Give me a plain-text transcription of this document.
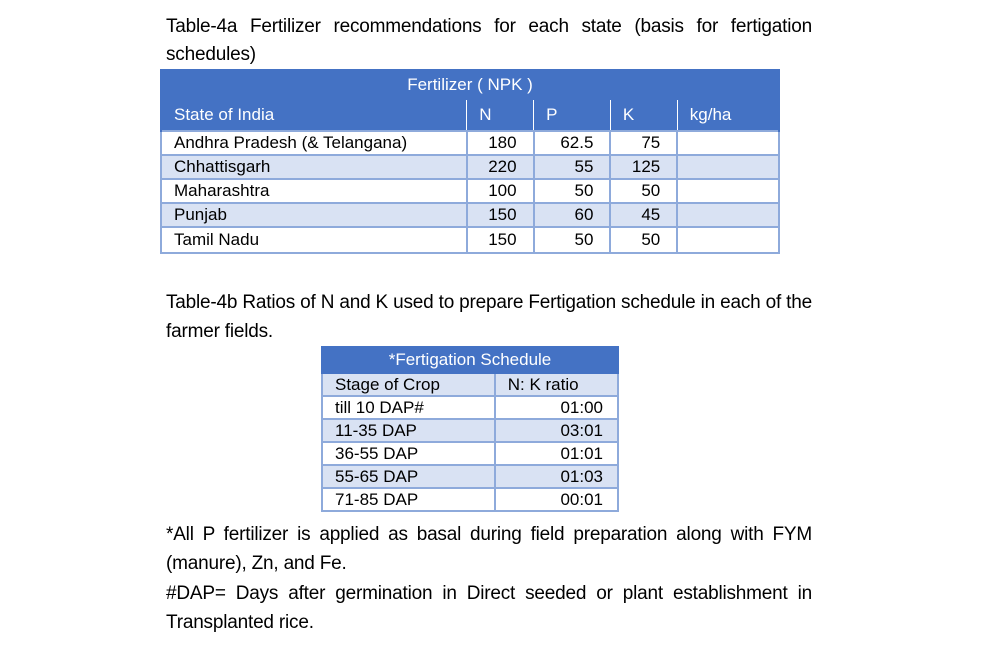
Table-4a Fertilizer recommendations for each state (basis for fertigation schedules)
Fertilizer ( NPK )				
State of India	N	P	K	kg/ha
Andhra Pradesh (& Telangana)	180	62.5	75	
Chhattisgarh	220	55	125	
Maharashtra	100	50	50	
Punjab	150	60	45	
Tamil Nadu	150	50	50	
Table-4b Ratios of N and K used to prepare Fertigation schedule in each of the farmer fields.
*Fertigation Schedule	
Stage of Crop	N: K ratio
till 10 DAP#	01:00
11-35 DAP	03:01
36-55 DAP	01:01
55-65 DAP	01:03
71-85 DAP	00:01
*All P fertilizer is applied as basal during field preparation along with FYM (manure), Zn, and Fe.
#DAP= Days after germination in Direct seeded or plant establishment in Transplanted rice.
